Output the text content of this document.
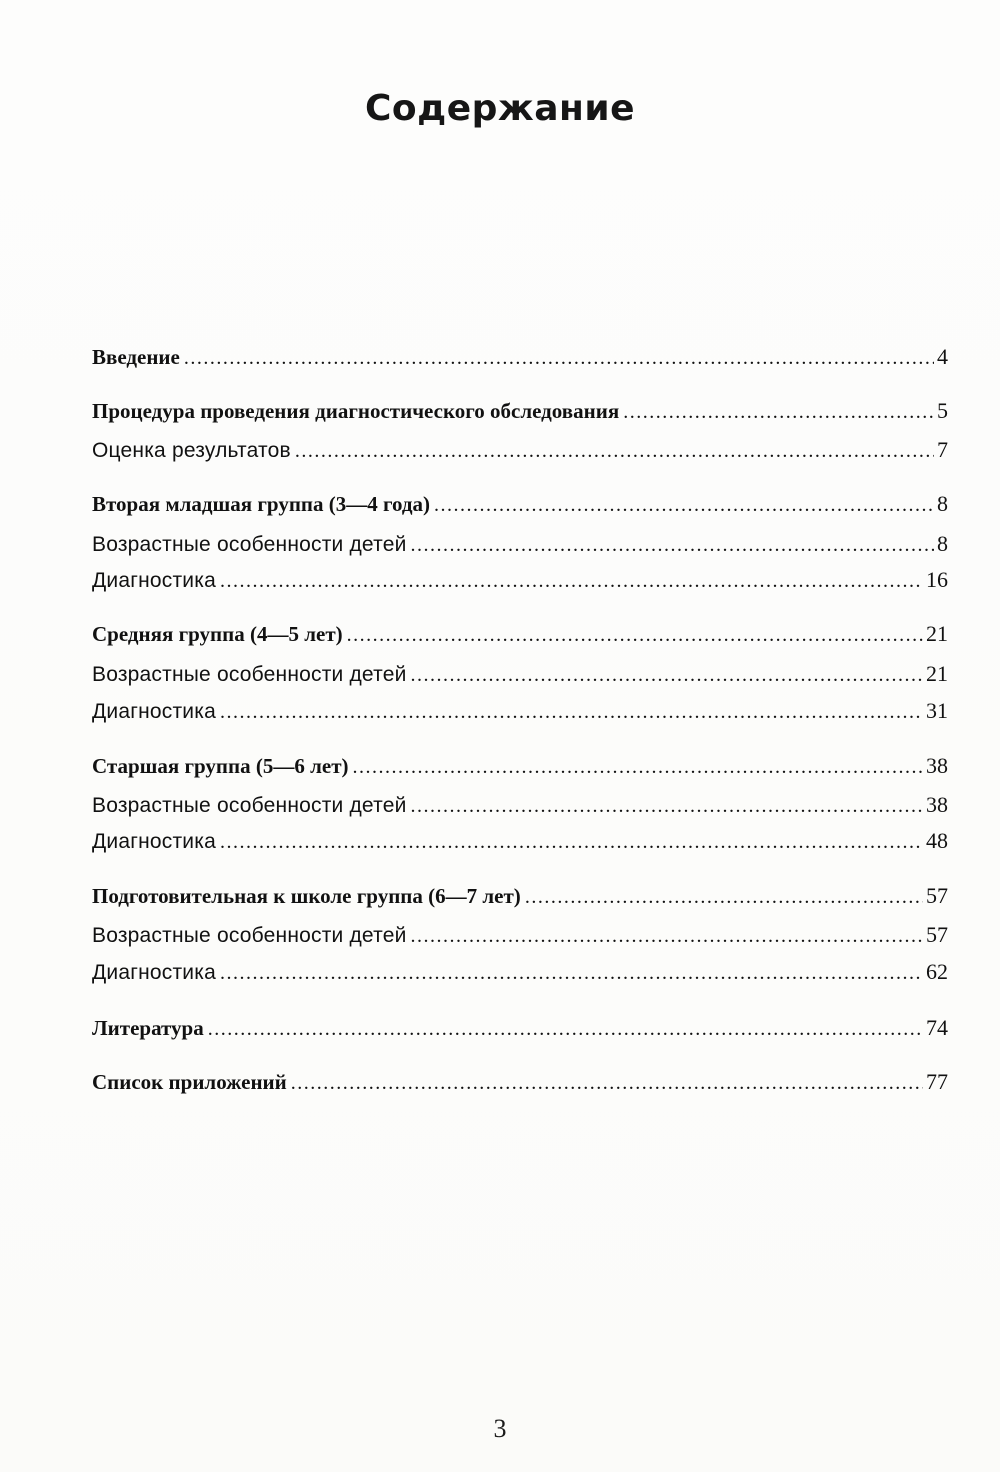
Содержание
Введение .....	4
Процедура проведения диагностического обследования .....	5
Оценка результатов .....	7
Вторая младшая группа (3—4 года) .....	8
Возрастные особенности детей .....	8
Диагностика .....	16
Средняя группа (4—5 лет) .....	21
Возрастные особенности детей .....	21
Диагностика .....	31
Старшая группа (5—6 лет) .....	38
Возрастные особенности детей .....	38
Диагностика .....	48
Подготовительная к школе группа (6—7 лет) .....	57
Возрастные особенности детей .....	57
Диагностика .....	62
Литература .....	74
Список приложений .....	77
3
